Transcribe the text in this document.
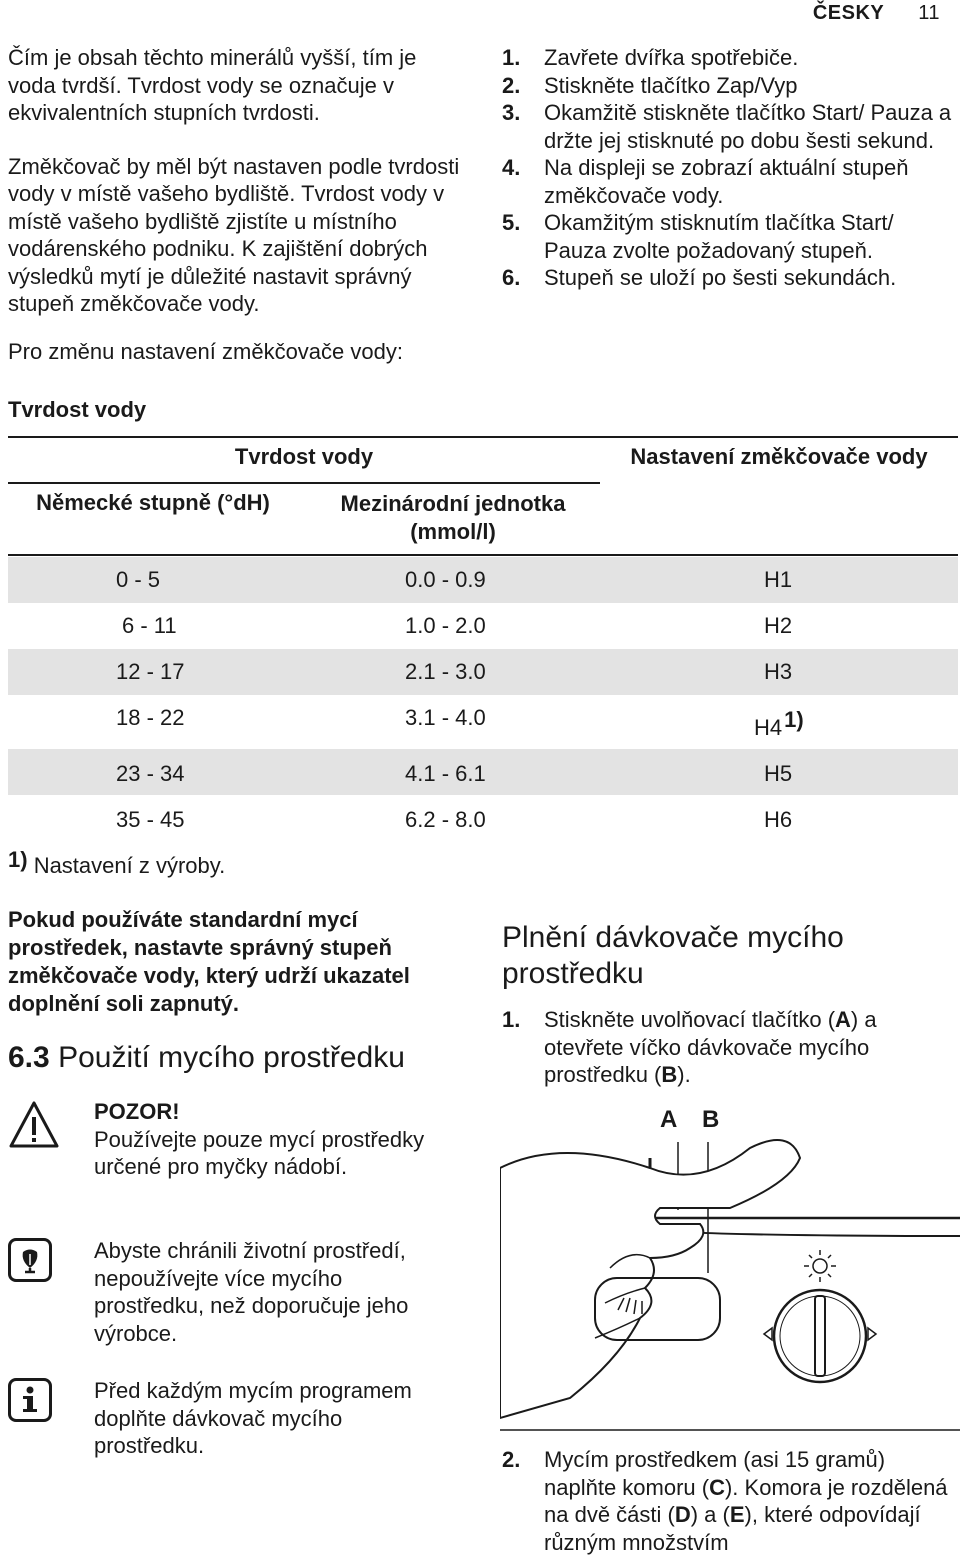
ČESKY 11

Čím je obsah těchto minerálů vyšší, tím je voda tvrdší. Tvrdost vody se označuje v ekvivalentních stupních tvrdosti.

Změkčovač by měl být nastaven podle tvrdosti vody v místě vašeho bydliště. Tvrdost vody v místě vašeho bydliště zjistíte u místního vodárenského podniku. K zajištění dobrých výsledků mytí je důležité nastavit správný stupeň změkčovače vody.

Pro změnu nastavení změkčovače vody:

1. Zavřete dvířka spotřebiče.
2. Stiskněte tlačítko Zap/Vyp
3. Okamžitě stiskněte tlačítko Start/ Pauza a držte jej stisknuté po dobu šesti sekund.
4. Na displeji se zobrazí aktuální stupeň změkčovače vody.
5. Okamžitým stisknutím tlačítka Start/ Pauza zvolte požadovaný stupeň.
6. Stupeň se uloží po šesti sekundách.
Tvrdost vody
Tvrdost vody	Nastavení změkčovače vody
Německé stupně (°dH)	Mezinárodní jednotka (mmol/l)
0 - 5	0.0 - 0.9	H1
6 - 11	1.0 - 2.0	H2
12 - 17	2.1 - 3.0	H3
18 - 22	3.1 - 4.0	H41)
23 - 34	4.1 - 6.1	H5
35 - 45	6.2 - 8.0	H6
1) Nastavení z výroby.

Pokud používáte standardní mycí prostředek, nastavte správný stupeň změkčovače vody, který udrží ukazatel doplnění soli zapnutý.

6.3 Použití mycího prostředku

POZOR!

Používejte pouze mycí prostředky určené pro myčky nádobí.

Abyste chránili životní prostředí, nepoužívejte více mycího prostředku, než doporučuje jeho výrobce.

Před každým mycím programem doplňte dávkovač mycího prostředku.

Plnění dávkovače mycího prostředku
1. Stiskněte uvolňovací tlačítko (A) a otevřete víčko dávkovače mycího prostředku (B).
A B
2. Mycím prostředkem (asi 15 gramů) naplňte komoru (C). Komora je rozdělená na dvě části (D) a (E), které odpovídají různým množstvím
